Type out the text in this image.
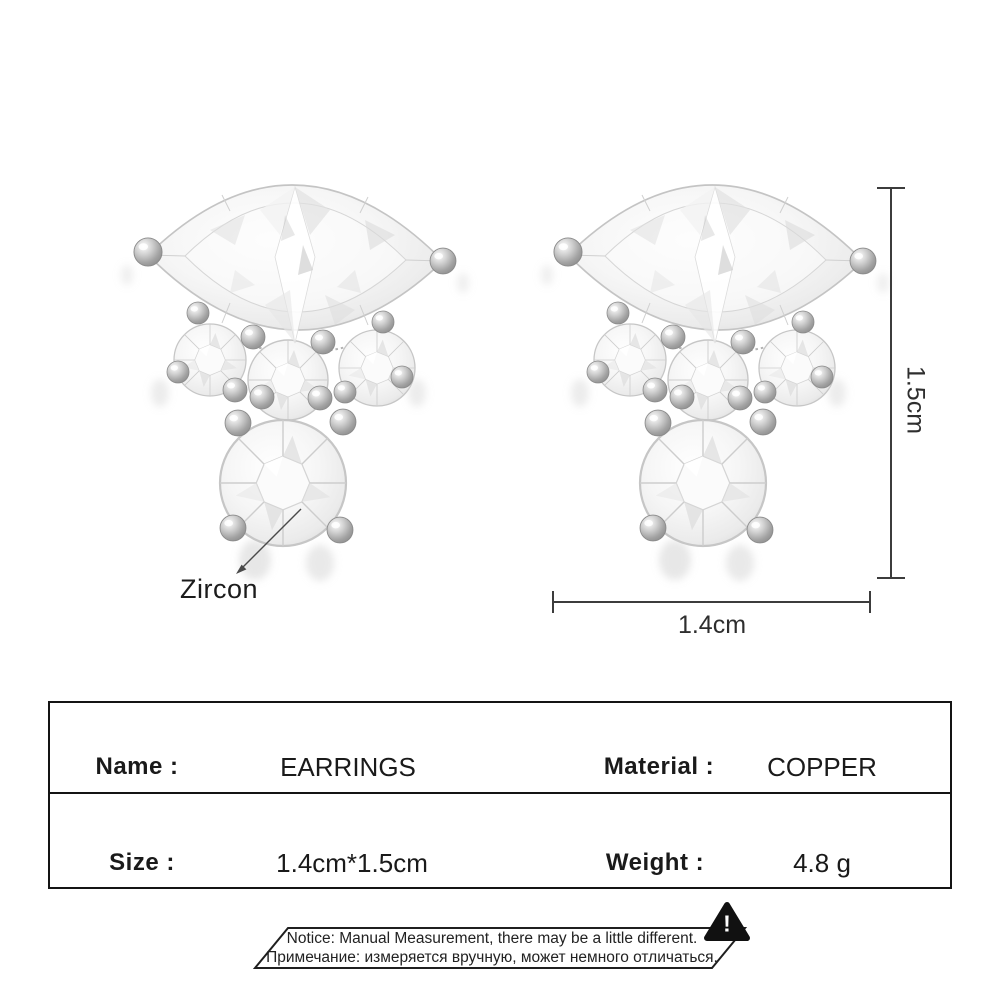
Zircon
1.5cm
1.4cm
Name :	EARRINGS	Material : COPPER
Size :	1.4cm*1.5cm	Weight :	4.8 g
Notice: Manual Measurement, there may be a little different.
Примечание: измеряется вручную, может немного отличаться.
!
